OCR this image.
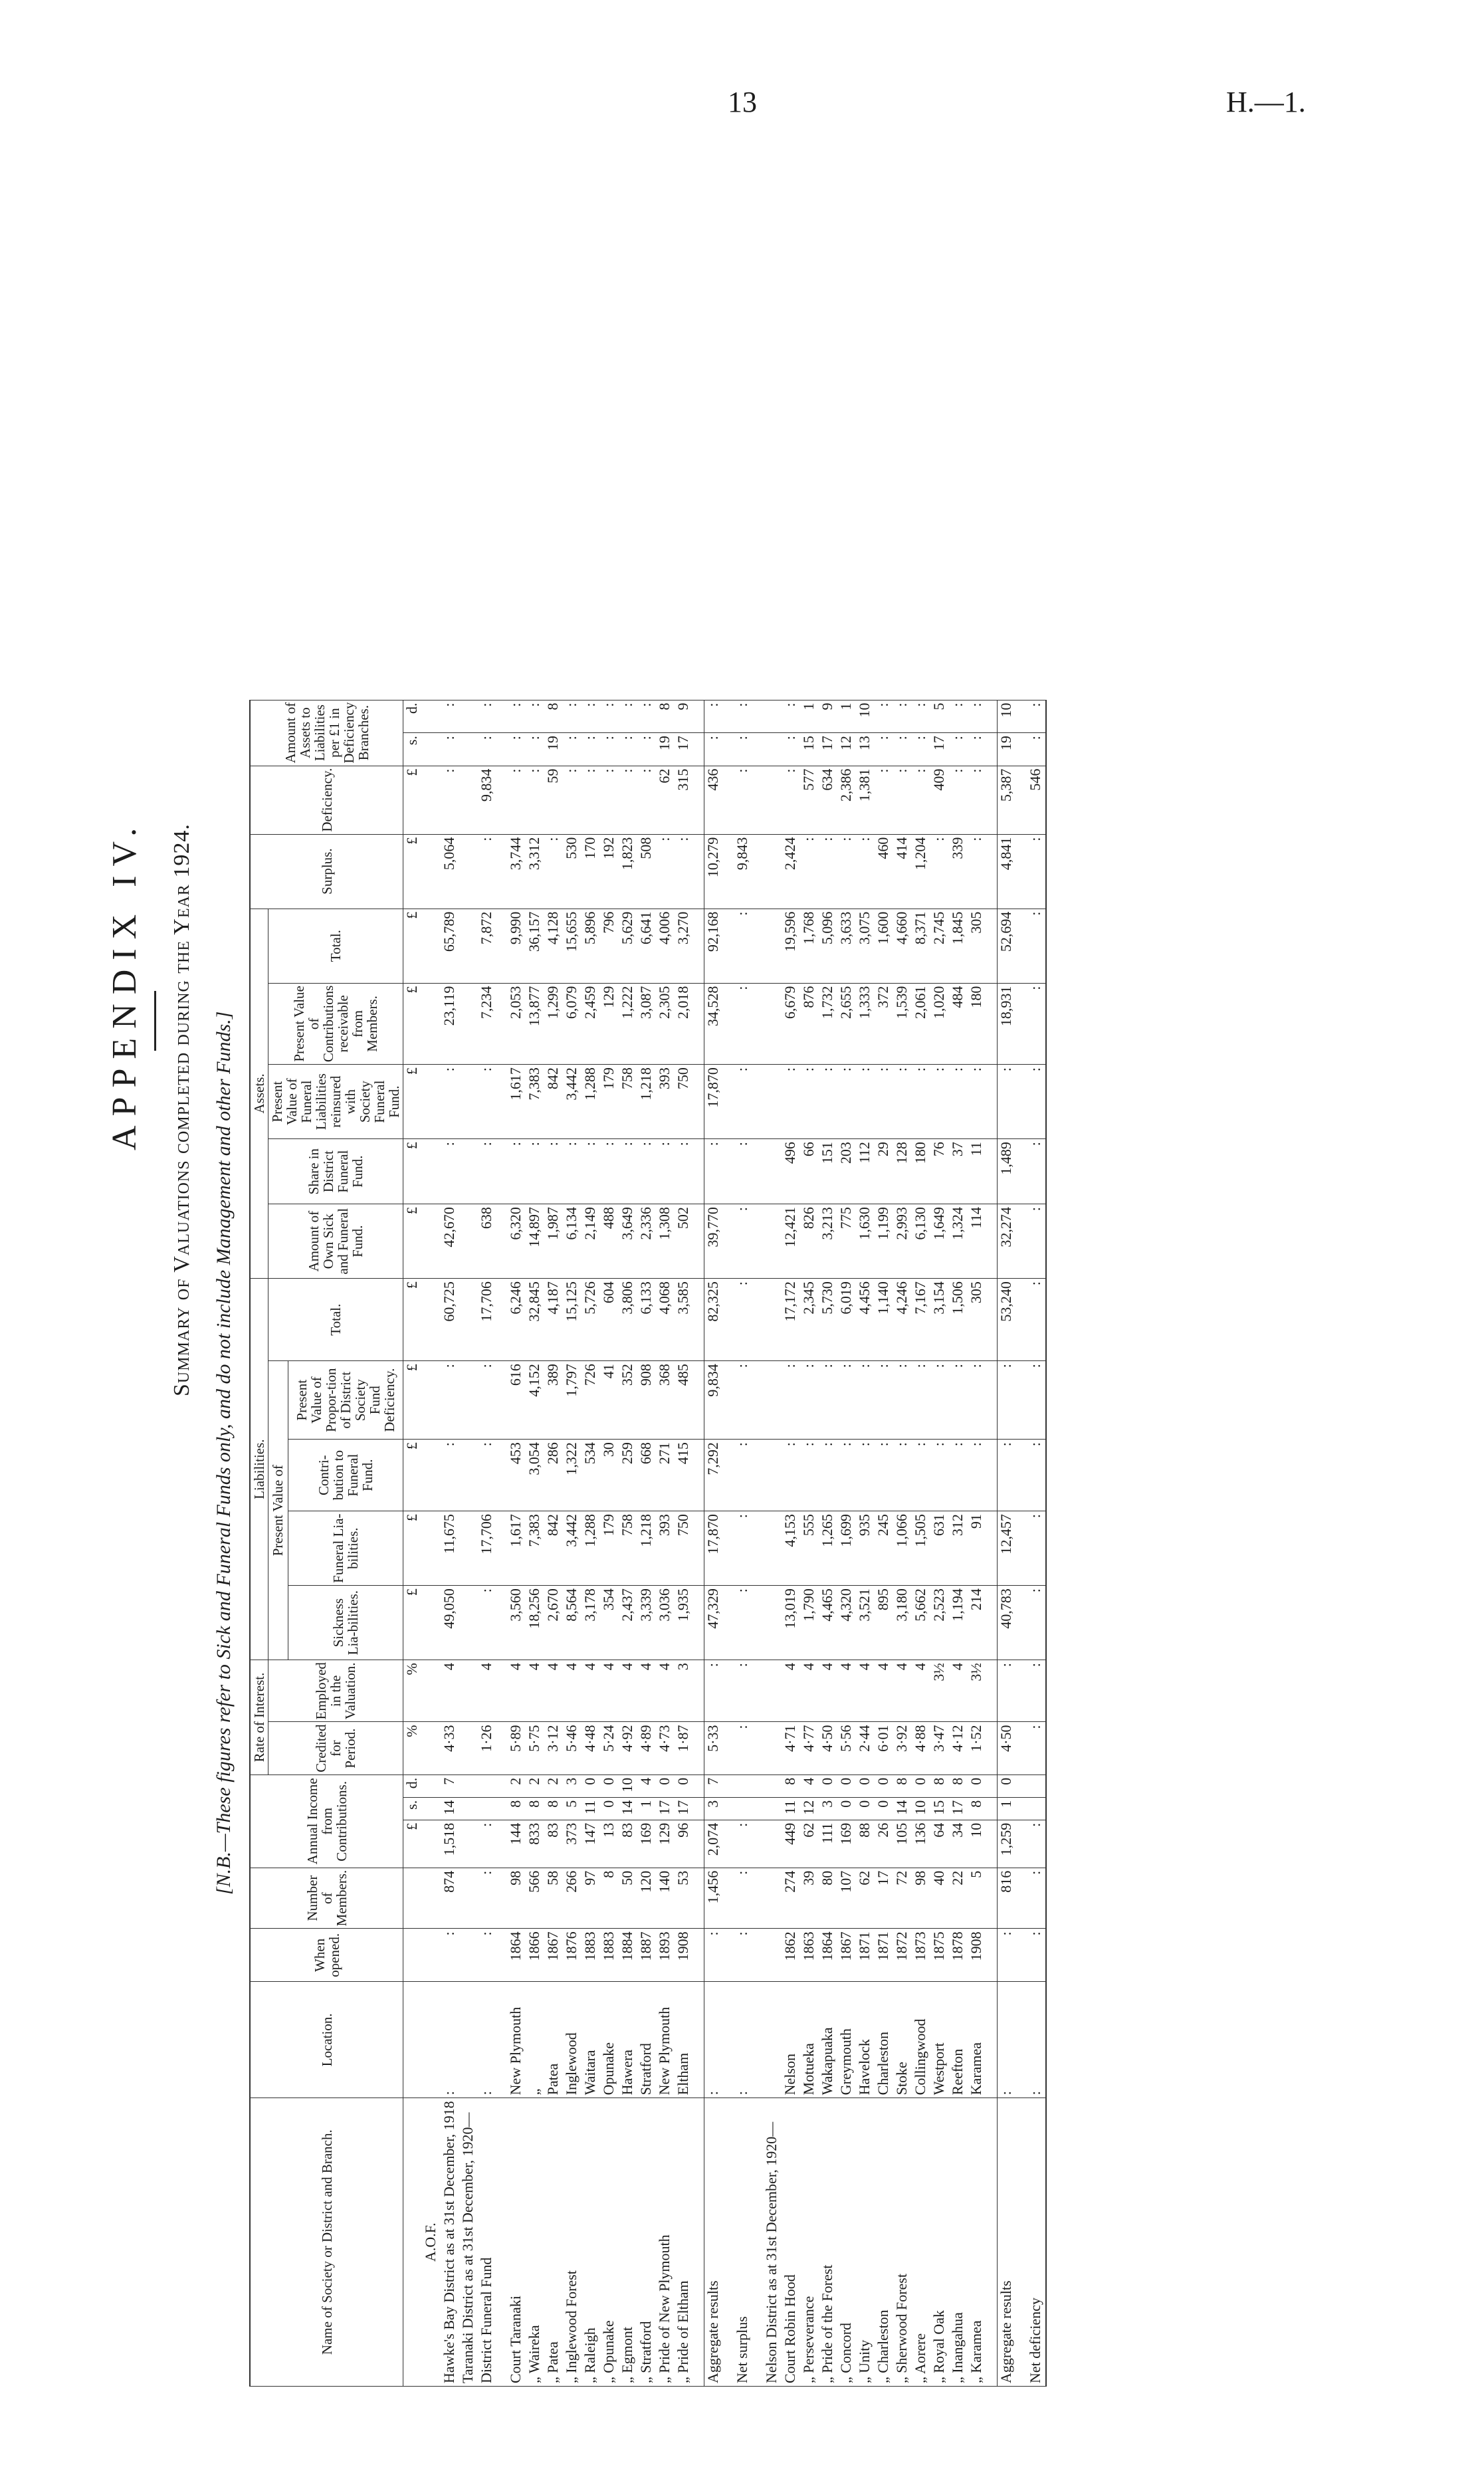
13	H.—1.
APPENDIX IV. Summary of Valuations completed during the Year 1924. [N.B.—These figures refer to Sick and Funeral Funds only, and do not include Management and other Funds.]
Name of Society or District and Branch.	Location.	When opened.	Number of Members.	Annual Income from Contributions.			Rate of Interest.		Liabilities.					Assets.					Surplus.	Deficiency.	Amount of Assets to Liabilities per £1 in Deficiency Branches.	
							Credited for Period.	Employed in the Valuation.	Present Value of				Total.	Amount of Own Sick and Funeral Fund.	Share in District Funeral Fund.	Present Value of Funeral Liabilities reinsured with Society Funeral Fund.	Present Value of Contributions receivable from Members.	Total.				
									Sickness Lia-bilities.	Funeral Lia-bilities.	Contri-bution to Funeral Fund.	Present Value of Propor-tion of District Society Fund Deficiency.										
				£	s.	d.	%	%	£	£	£	£	£	£	£	£	£	£	£	£	s.	d.
A.O.F.																						
Hawke's Bay District as at 31st December, 1918	:	:	874	1,518	14	7	4·33	4	49,050	11,675	:	:	60,725	42,670	:	:	23,119	65,789	5,064	:	:	:
Taranaki District as at 31st December, 1920—																						
District Funeral Fund	:	:	:	:			1·26	4	:	17,706	:	:	17,706	638	:	:	7,234	7,872	:	9,834	:	:

Court Taranaki	New Plymouth	1864	98	144	8	2	5·89	4	3,560	1,617	453	616	6,246	6,320	:	1,617	2,053	9,990	3,744	:	:	:
„ Waireka	„	1866	566	833	8	2	5·75	4	18,256	7,383	3,054	4,152	32,845	14,897	:	7,383	13,877	36,157	3,312	:	:	:
„ Patea	Patea	1867	58	83	8	2	3·12	4	2,670	842	286	389	4,187	1,987	:	842	1,299	4,128	:	59	19	8
„ Inglewood Forest	Inglewood	1876	266	373	5	3	5·46	4	8,564	3,442	1,322	1,797	15,125	6,134	:	3,442	6,079	15,655	530	:	:	:
„ Raleigh	Waitara	1883	97	147	11	0	4·48	4	3,178	1,288	534	726	5,726	2,149	:	1,288	2,459	5,896	170	:	:	:
„ Opunake	Opunake	1883	8	13	0	0	5·24	4	354	179	30	41	604	488	:	179	129	796	192	:	:	:
„ Egmont	Hawera	1884	50	83	14	10	4·92	4	2,437	758	259	352	3,806	3,649	:	758	1,222	5,629	1,823	:	:	:
„ Stratford	Stratford	1887	120	169	1	4	4·89	4	3,339	1,218	668	908	6,133	2,336	:	1,218	3,087	6,641	508	:	:	:
„ Pride of New Plymouth	New Plymouth	1893	140	129	17	0	4·73	4	3,036	393	271	368	4,068	1,308	:	393	2,305	4,006	:	62	19	8
„ Pride of Eltham	Eltham	1908	53	96	17	0	1·87	3	1,935	750	415	485	3,585	502	:	750	2,018	3,270	:	315	17	9

Aggregate results	:	:	1,456	2,074	3	7	5·33	:	47,329	17,870	7,292	9,834	82,325	39,770	:	17,870	34,528	92,168	10,279	436	:	:

Net surplus	:	:	:	:			:	:	:	:	:	:	:	:	:	:	:	:	9,843	:	:	:

Nelson District as at 31st December, 1920—																						
Court Robin Hood	Nelson	1862	274	449	11	8	4·71	4	13,019	4,153	:	:	17,172	12,421	496	:	6,679	19,596	2,424	:	:	:
„ Perseverance	Motueka	1863	39	62	12	4	4·77	4	1,790	555	:	:	2,345	826	66	:	876	1,768	:	577	15	1
„ Pride of the Forest	Wakapuaka	1864	80	111	3	0	4·50	4	4,465	1,265	:	:	5,730	3,213	151	:	1,732	5,096	:	634	17	9
„ Concord	Greymouth	1867	107	169	0	0	5·56	4	4,320	1,699	:	:	6,019	775	203	:	2,655	3,633	:	2,386	12	1
„ Unity	Havelock	1871	62	88	0	0	2·44	4	3,521	935	:	:	4,456	1,630	112	:	1,333	3,075	:	1,381	13	10
„ Charleston	Charleston	1871	17	26	0	0	6·01	4	895	245	:	:	1,140	1,199	29	:	372	1,600	460	:	:	:
„ Sherwood Forest	Stoke	1872	72	105	14	8	3·92	4	3,180	1,066	:	:	4,246	2,993	128	:	1,539	4,660	414	:	:	:
„ Aorere	Collingwood	1873	98	136	10	0	4·88	4	5,662	1,505	:	:	7,167	6,130	180	:	2,061	8,371	1,204	:	:	:
„ Royal Oak	Westport	1875	40	64	15	8	3·47	3½	2,523	631	:	:	3,154	1,649	76	:	1,020	2,745	:	409	17	5
„ Inangahua	Reefton	1878	22	34	17	8	4·12	4	1,194	312	:	:	1,506	1,324	37	:	484	1,845	339	:	:	:
„ Karamea	Karamea	1908	5	10	8	0	1·52	3½	214	91	:	:	305	114	11	:	180	305	:	:	:	:

Aggregate results	:	:	816	1,259	1	0	4·50	:	40,783	12,457	:	:	53,240	32,274	1,489	:	18,931	52,694	4,841	5,387	19	10

Net deficiency	:	:	:	:			:	:	:	:	:	:	:	:	:	:	:	:	:	546	:	:
